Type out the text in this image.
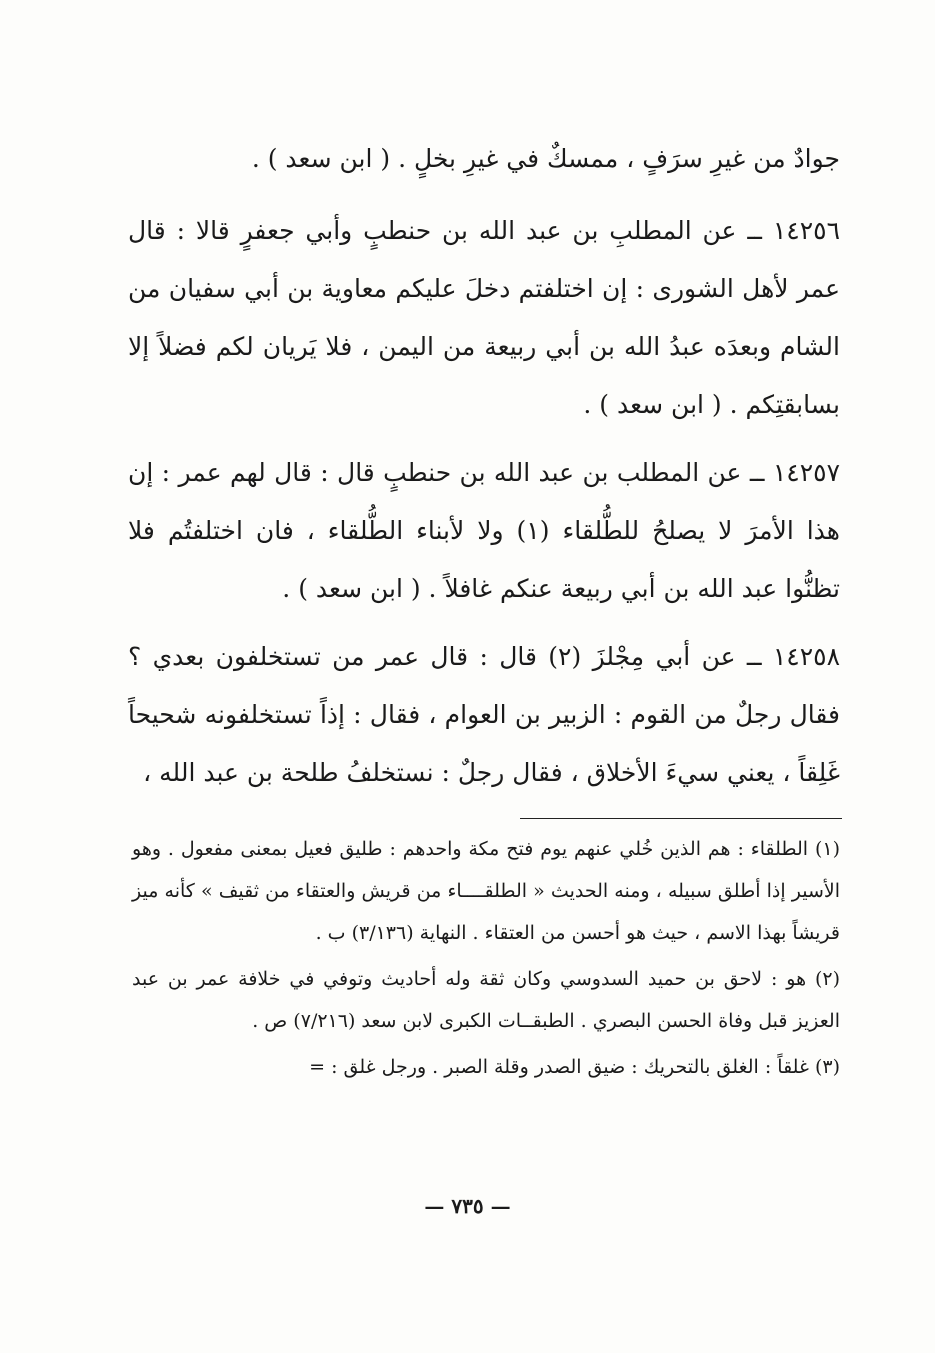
جوادٌ من غيرِ سرَفٍ ، ممسكٌ في غيرِ بخلٍ . ( ابن سعد ) .

١٤٢٥٦ ــ عن المطلبِ بن عبد الله بن حنطبٍ وأبي جعفرٍ قالا : قال عمر لأهل الشورى : إن اختلفتم دخلَ عليكم معاوية بن أبي سفيان من الشام وبعدَه عبدُ الله بن أبي ربيعة من اليمن ، فلا يَريان لكم فضلاً إلا بسابقتِكم . ( ابن سعد ) .

١٤٢٥٧ ــ عن المطلب بن عبد الله بن حنطبٍ قال : قال لهم عمر : إن هذا الأمرَ لا يصلحُ للطُّلقاء (١) ولا لأبناء الطُّلقاء ، فان اختلفتُم فلا تظنُّوا عبد الله بن أبي ربيعة عنكم غافلاً . ( ابن سعد ) .

١٤٢٥٨ ــ عن أبي مِجْلزَ (٢) قال : قال عمر من تستخلفون بعدي ؟ فقال رجلٌ من القوم : الزبير بن العوام ، فقال : إذاً تستخلفونه شحيحاً غَلِقاً ، يعني سيءَ الأخلاق ، فقال رجلٌ : نستخلفُ طلحة بن عبد الله ،

(١) الطلقاء : هم الذين خُلي عنهم يوم فتح مكة واحدهم : طليق فعيل بمعنى مفعول . وهو الأسير إذا أطلق سبيله ، ومنه الحديث « الطلقــــاء من قريش والعتقاء من ثقيف » كأنه ميز قريشاً بهذا الاسم ، حيث هو أحسن من العتقاء . النهاية (٣/١٣٦) ب .

(٢) هو : لاحق بن حميد السدوسي وكان ثقة وله أحاديث وتوفي في خلافة عمر بن عبد العزيز قبل وفاة الحسن البصري . الطبقــات الكبرى لابن سعد (٧/٢١٦) ص .

(٣) غلقاً : الغلق بالتحريك : ضيق الصدر وقلة الصبر . ورجل غلق : =

— ٧٣٥ —
